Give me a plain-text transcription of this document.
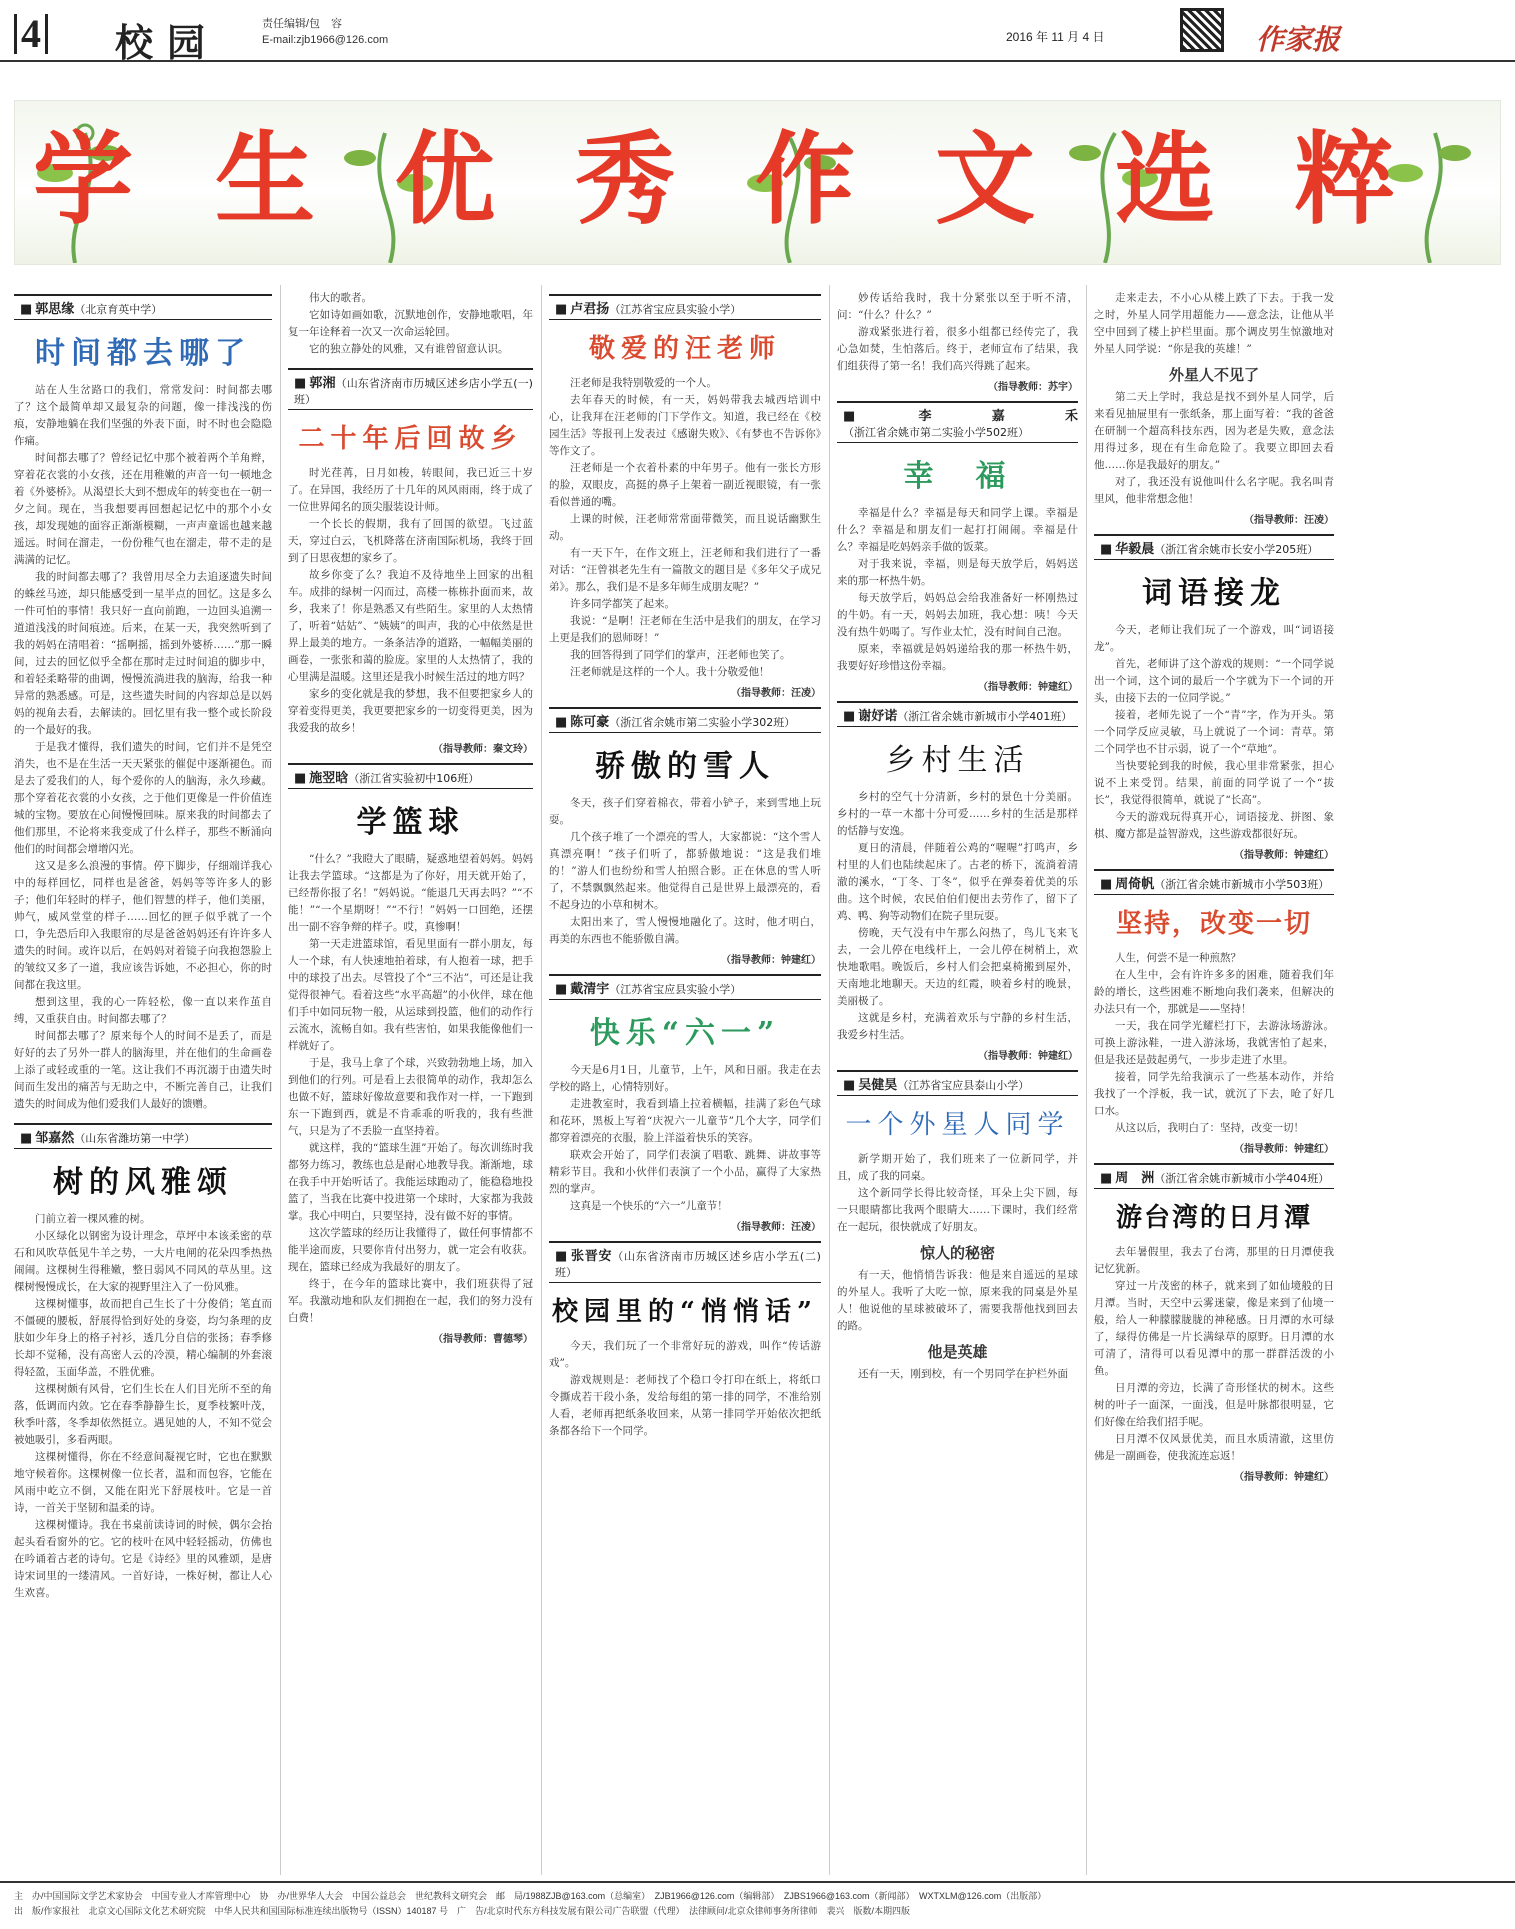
4 校园	责任编辑/包　容
E-mail:zjb1966@126.com	2016 年 11 月 4 日	作家报
学 生 优 秀 作 文 选 粹
■ 郭思缘（北京育英中学）
时间都去哪了

站在人生岔路口的我们，常常发问：时间都去哪了？这个最简单却又最复杂的问题，像一排浅浅的伤痕，安静地躺在我们坚强的外表下面，时不时也会隐隐作痛。

时间都去哪了？曾经记忆中那个被着两个羊角辫，穿着花衣裳的小女孩，还在用稚嫩的声音一句一顿地念着《外婆桥》。从渴望长大到不想成年的转变也在一朝一夕之间。现在，当我想要再回想起记忆中的那个小女孩，却发现她的面容正渐渐模糊，一声声童谣也越来越遥远。时间在溜走，一份份稚气也在溜走，带不走的是满满的记忆。

我的时间都去哪了？我曾用尽全力去追逐遗失时间的蛛丝马迹，却只能感受到一星半点的回忆。这是多么一件可怕的事情！我只好一直向前跑，一边回头追溯一道道浅浅的时间痕迹。后来，在某一天，我突然听到了我的妈妈在清唱着：“摇啊摇，摇到外婆桥……”那一瞬间，过去的回忆似乎全都在那时走过时间追的脚步中，和着轻柔略带的曲调，慢慢流淌进我的脑海，给我一种异常的熟悉感。可是，这些遗失时间的内容却总是以妈妈的视角去看，去解读的。回忆里有我一整个或长阶段的一个最好的我。

于是我才懂得，我们遗失的时间，它们并不是凭空消失，也不是在生活一天天紧张的催促中逐渐褪色。而是去了爱我们的人，每个爱你的人的脑海，永久珍藏。那个穿着花衣裳的小女孩，之于他们更像是一件价值连城的宝物。要放在心间慢慢回味。原来我的时间都去了他们那里，不论将来我变成了什么样子，那些不断涌向他们的时间都会增增闪光。

这又是多么浪漫的事情。停下脚步，仔细端详我心中的每样回忆，同样也是爸爸，妈妈等等许多人的影子；他们年轻时的样子，他们智慧的样子，他们美丽，帅气，威风堂堂的样子……回忆的匣子似乎就了一个口，争先恐后印入我眼帘的尽是爸爸妈妈还有许许多人遗失的时间。或许以后，在妈妈对着镜子向我抱怨脸上的皱纹又多了一道，我应该告诉她，不必担心，你的时间都在我这里。

想到这里，我的心一阵轻松，像一直以来作茧自缚，又重获自由。时间都去哪了？

时间都去哪了？原来每个人的时间不是丢了，而是好好的去了另外一群人的脑海里，并在他们的生命画卷上添了或轻或重的一笔。这让我们不再沉溺于由遗失时间而生发出的痛苦与无助之中，不断完善自己，让我们遗失的时间成为他们爱我们人最好的馈赠。

■ 邹嘉然（山东省潍坊第一中学）
树的风雅颂

门前立着一棵风雅的树。

小区绿化以钢密为设计理念，草坪中本该柔密的草石和风吹草低见牛羊之势，一大片电闸的花朵四季热热闹闹。这棵树生得稚嫩，整日弱风不同风的草丛里。这棵树慢慢成长，在大家的视野里注入了一份风雅。

这棵树懂事，故而把自己生长了十分俊俏；笔直而不僵硬的腰板，舒展得恰到好处的身姿，均匀条理的皮肤如少年身上的格子衬衫，透几分自信的张扬；春季修长却不觉稀，没有高密人云的冷漠，精心编制的外套滚得轻盈，玉面华盖，不胜优雅。

这棵树颇有风骨，它们生长在人们目光所不至的角落，低调而内敛。它在春季静静生长，夏季枝繁叶茂，秋季叶落，冬季却依然挺立。遇见她的人，不知不觉会被她吸引，多看两眼。

这棵树懂得，你在不经意间凝视它时，它也在默默地守候着你。这棵树像一位长者，温和而包容，它能在风雨中屹立不倒，又能在阳光下舒展枝叶。它是一首诗，一首关于坚韧和温柔的诗。

这棵树懂诗。我在书桌前读诗词的时候，偶尔会抬起头看看窗外的它。它的枝叶在风中轻轻摇动，仿佛也在吟诵着古老的诗句。它是《诗经》里的风雅颂，是唐诗宋词里的一缕清风。一首好诗，一株好树，都让人心生欢喜。

伟大的歌者。

它如诗如画如歌，沉默地创作，安静地歌唱，年复一年诠释着一次又一次命运轮回。

它的独立静处的风雅，又有谁曾留意认识。

■ 郭湘（山东省济南市历城区述乡店小学五(一)班）
二十年后回故乡

时光荏苒，日月如梭，转眼间，我已近三十岁了。在异国，我经历了十几年的风风雨雨，终于成了一位世界闻名的顶尖服装设计师。

一个长长的假期，我有了回国的欲望。飞过蓝天，穿过白云，飞机降落在济南国际机场，我终于回到了日思夜想的家乡了。

故乡你变了么？我迫不及待地坐上回家的出租车。成排的绿树一闪而过，高楼一栋栋扑面而来，故乡，我来了！你是熟悉又有些陌生。家里的人太热情了，听着“姑姑”、“姨姨”的叫声，我的心中依然是世界上最美的地方。一条条洁净的道路，一幅幅美丽的画卷，一张张和蔼的脸庞。家里的人太热情了，我的心里满是温暖。这里还是我小时候生活过的地方吗？

家乡的变化就是我的梦想，我不但要把家乡人的穿着变得更美，我更要把家乡的一切变得更美，因为我爱我的故乡！

（指导教师：秦文玲）
■ 施翌晗（浙江省实验初中106班）
学篮球

“什么？”我瞪大了眼睛，疑惑地望着妈妈。妈妈让我去学篮球。“这都是为了你好，用天就开始了，已经帮你报了名！”妈妈说。“能退几天再去吗？”“不能！”“一个星期呀！”“不行！”妈妈一口回绝，还摆出一副不容争辩的样子。哎，真惨啊！

第一天走进篮球馆，看见里面有一群小朋友，每人一个球，有人快速地拍着球，有人抱着一球，把手中的球投了出去。尽管投了个“三不沾”，可还是让我觉得很神气。看着这些“水平高超”的小伙伴，球在他们手中如同玩物一般，从运球到投篮，他们的动作行云流水，流畅自如。我有些害怕，如果我能像他们一样就好了。

于是，我马上拿了个球，兴致勃勃地上场，加入到他们的行列。可是看上去很简单的动作，我却怎么也做不好，篮球好像故意要和我作对一样，一下跑到东一下跑到西，就是不肯乖乖的听我的，我有些泄气，只是为了不丢脸一直坚持着。

就这样，我的“篮球生涯”开始了。每次训练时我都努力练习，教练也总是耐心地教导我。渐渐地，球在我手中开始听话了。我能运球跑动了，能稳稳地投篮了，当我在比赛中投进第一个球时，大家都为我鼓掌。我心中明白，只要坚持，没有做不好的事情。

这次学篮球的经历让我懂得了，做任何事情都不能半途而废，只要你肯付出努力，就一定会有收获。现在，篮球已经成为我最好的朋友了。

终于，在今年的篮球比赛中，我们班获得了冠军。我激动地和队友们拥抱在一起，我们的努力没有白费！

（指导教师：曹德琴）
■ 卢君扬（江苏省宝应县实验小学）
敬爱的汪老师

汪老师是我特别敬爱的一个人。

去年春天的时候，有一天，妈妈带我去城西培训中心，让我拜在汪老师的门下学作文。知道，我已经在《校园生活》等报刊上发表过《感谢失败》、《有梦也不告诉你》等作文了。

汪老师是一个衣着朴素的中年男子。他有一张长方形的脸，双眼皮，高挺的鼻子上架着一副近视眼镜，有一张看似普通的嘴。

上课的时候，汪老师常常面带微笑，而且说话幽默生动。

有一天下午，在作文班上，汪老师和我们进行了一番对话：“汪曾祺老先生有一篇散文的题目是《多年父子成兄弟》。那么，我们是不是多年师生成朋友呢？”

许多同学都笑了起来。

我说：“是啊！汪老师在生活中是我们的朋友，在学习上更是我们的恩师呀！”

我的回答得到了同学们的掌声，汪老师也笑了。

汪老师就是这样的一个人。我十分敬爱他！

（指导教师：汪凌）
■ 陈可豪（浙江省余姚市第二实验小学302班）
骄傲的雪人

冬天，孩子们穿着棉衣，带着小铲子，来到雪地上玩耍。

几个孩子堆了一个漂亮的雪人，大家都说：“这个雪人真漂亮啊！”孩子们听了，都骄傲地说：“这是我们堆的！”游人们也纷纷和雪人拍照合影。正在休息的雪人听了，不禁飘飘然起来。他觉得自己是世界上最漂亮的，看不起身边的小草和树木。

太阳出来了，雪人慢慢地融化了。这时，他才明白，再美的东西也不能骄傲自满。

（指导教师：钟建红）
■ 戴清宇（江苏省宝应县实验小学）
快乐“六一”

今天是6月1日，儿童节，上午，风和日丽。我走在去学校的路上，心情特别好。

走进教室时，我看到墙上拉着横幅，挂满了彩色气球和花环，黑板上写着“庆祝六一儿童节”几个大字，同学们都穿着漂亮的衣服，脸上洋溢着快乐的笑容。

联欢会开始了，同学们表演了唱歌、跳舞、讲故事等精彩节目。我和小伙伴们表演了一个小品，赢得了大家热烈的掌声。

这真是一个快乐的“六一”儿童节！

（指导教师：汪凌）
■ 张晋安（山东省济南市历城区述乡店小学五(二)班）
校园里的“悄悄话”

今天，我们玩了一个非常好玩的游戏，叫作“传话游戏”。

游戏规则是：老师找了个稳口令打印在纸上，将纸口令撕成若干段小条，发给每组的第一排的同学，不准给别人看，老师再把纸条收回来，从第一排同学开始依次把纸条都各给下一个同学。

妙传话给我时，我十分紧张以至于听不清，问：“什么？什么？”

游戏紧张进行着，很多小组都已经传完了，我心急如焚，生怕落后。终于，老师宣布了结果，我们组获得了第一名！我们高兴得跳了起来。

（指导教师：苏宇）
■ 李嘉禾（浙江省余姚市第二实验小学502班）
幸　福

幸福是什么？幸福是每天和同学上课。幸福是什么？幸福是和朋友们一起打打闹闹。幸福是什么？幸福是吃妈妈亲手做的饭菜。

对于我来说，幸福，则是每天放学后，妈妈送来的那一杯热牛奶。

每天放学后，妈妈总会给我准备好一杯刚热过的牛奶。有一天，妈妈去加班，我心想：咦！今天没有热牛奶喝了。写作业太忙，没有时间自己泡。

原来，幸福就是妈妈递给我的那一杯热牛奶，我要好好珍惜这份幸福。

（指导教师：钟建红）
■ 谢妤诺（浙江省余姚市新城市小学401班）
乡村生活

乡村的空气十分清新，乡村的景色十分美丽。乡村的一草一木都十分可爱……乡村的生活是那样的恬静与安逸。

夏日的清晨，伴随着公鸡的“喔喔”打鸣声，乡村里的人们也陆续起床了。古老的桥下，流淌着清澈的溪水，“丁冬、丁冬”，似乎在弹奏着优美的乐曲。这个时候，农民伯伯们便出去劳作了，留下了鸡、鸭、狗等动物们在院子里玩耍。

傍晚，天气没有中午那么闷热了，鸟儿飞来飞去，一会儿停在电线杆上，一会儿停在树梢上，欢快地歌唱。晚饭后，乡村人们会把桌椅搬到屋外，天南地北地聊天。天边的红霞，映着乡村的晚景，美丽极了。

这就是乡村，充满着欢乐与宁静的乡村生活，我爱乡村生活。

（指导教师：钟建红）
■ 吴健昊（江苏省宝应县泰山小学）
一个外星人同学

新学期开始了，我们班来了一位新同学，并且，成了我的同桌。

这个新同学长得比较奇怪，耳朵上尖下圆，每一只眼睛都比我两个眼睛大……下课时，我们经常在一起玩，很快就成了好朋友。

惊人的秘密

有一天，他悄悄告诉我：他是来自遥远的星球的外星人。我听了大吃一惊，原来我的同桌是外星人！他说他的星球被破坏了，需要我帮他找到回去的路。

他是英雄

还有一天，刚到校，有一个男同学在护栏外面

走来走去，不小心从楼上跌了下去。于我一发之时，外星人同学用超能力——意念法，让他从半空中回到了楼上护栏里面。那个调皮男生惊激地对外星人同学说：“你是我的英雄！”

外星人不见了

第二天上学时，我总是找不到外星人同学，后来看见抽屉里有一张纸条，那上面写着：“我的爸爸在研制一个超高科技东西，因为老是失败，意念法用得过多，现在有生命危险了。我要立即回去看他……你是我最好的朋友。”

对了，我还没有说他叫什么名字呢。我名叫青里风，他非常想念他！

（指导教师：汪凌）
■ 华毅晨（浙江省余姚市长安小学205班）
词语接龙

今天，老师让我们玩了一个游戏，叫“词语接龙”。

首先，老师讲了这个游戏的规则：“一个同学说出一个词，这个词的最后一个字就为下一个词的开头，由接下去的一位同学说。”

接着，老师先说了一个“青”字，作为开头。第一个同学反应灵敏，马上就说了一个词：青草。第二个同学也不甘示弱，说了一个“草地”。

当快要轮到我的时候，我心里非常紧张，担心说不上来受罚。结果，前面的同学说了一个“拔长”，我觉得很简单，就说了“长高”。

今天的游戏玩得真开心，词语接龙、拼图、象棋、魔方都是益智游戏，这些游戏都很好玩。

（指导教师：钟建红）
■ 周倚帆（浙江省余姚市新城市小学503班）
坚持，改变一切

人生，何尝不是一种煎熬？

在人生中，会有许许多多的困难，随着我们年龄的增长，这些困难不断地向我们袭来，但解决的办法只有一个，那就是——坚持！

一天，我在同学光耀栏打下，去游泳场游泳。可换上游泳鞋，一进入游泳场，我就害怕了起来，但是我还是鼓起勇气，一步步走进了水里。

接着，同学先给我演示了一些基本动作，并给我找了一个浮板，我一试，就沉了下去，呛了好几口水。

从这以后，我明白了：坚持，改变一切！

（指导教师：钟建红）
■ 周　洲（浙江省余姚市新城市小学404班）
游台湾的日月潭

去年暑假里，我去了台湾，那里的日月潭使我记忆犹新。

穿过一片茂密的林子，就来到了如仙境般的日月潭。当时，天空中云雾迷蒙，像是来到了仙境一般，给人一种朦朦胧胧的神秘感。日月潭的水可绿了，绿得仿佛是一片长满绿草的原野。日月潭的水可清了，清得可以看见潭中的那一群群活泼的小鱼。

日月潭的旁边，长满了奇形怪状的树木。这些树的叶子一面深，一面浅，但是叶脉都很明显，它们好像在给我们招手呢。

日月潭不仅风景优美，而且水质清澈，这里仿佛是一副画卷，使我流连忘返！

（指导教师：钟建红）
主　办/中国国际文学艺术家协会　中国专业人才库管理中心　协　办/世界华人大会　中国公益总会　世纪教科文研究会　邮　局/1988ZJB@163.com（总编室）　ZJB1966@126.com（编辑部）　ZJBS1966@163.com（新闻部）　WXTXLM@126.com（出版部）
出　版/作家报社　北京文心国际文化艺术研究院　中华人民共和国国际标准连续出版物号（ISSN）140187 号　广　告/北京时代东方科技发展有限公司广告联盟（代理）　法律顾问/北京众律师事务所律师　裴兴　版数/本期四版
